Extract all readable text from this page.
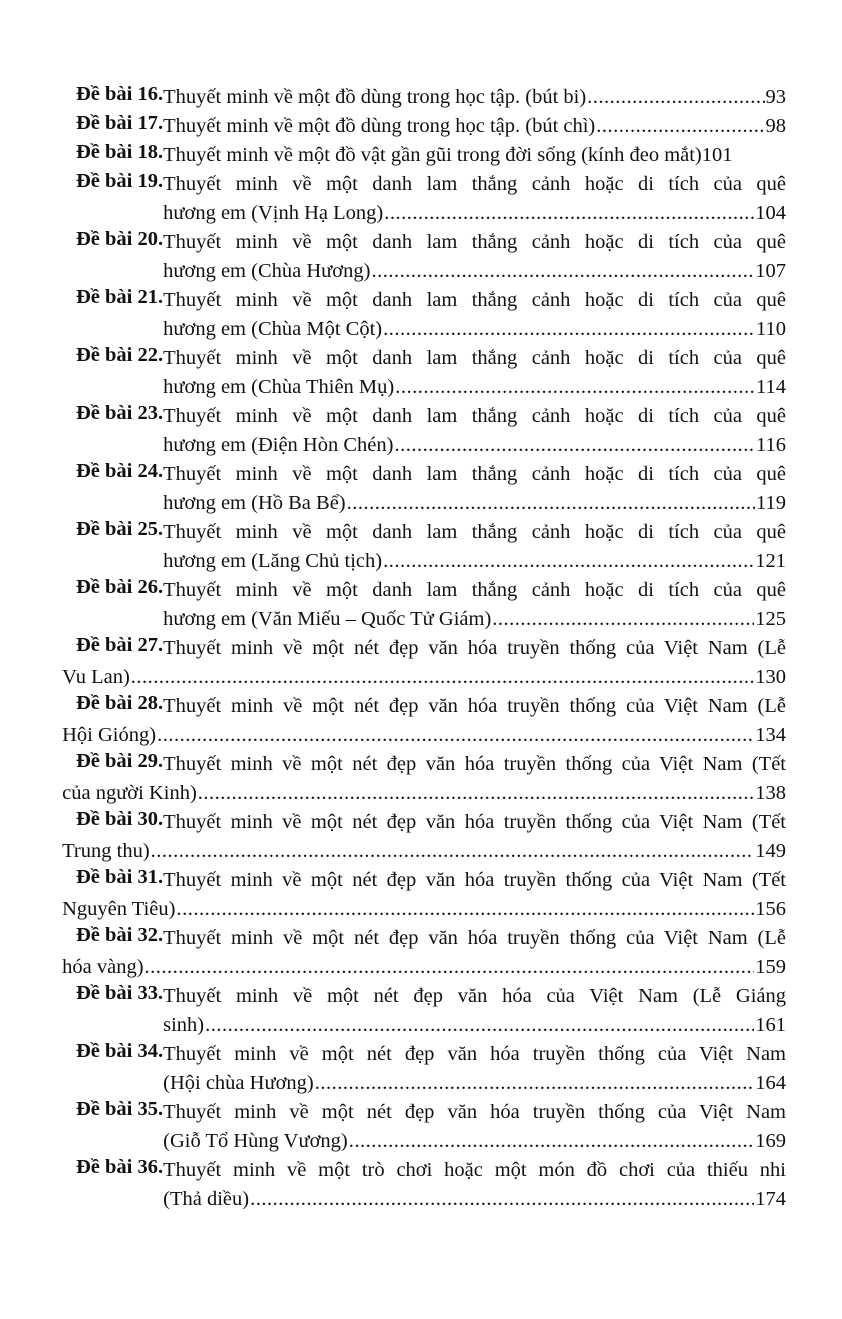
Đề bài 16. Thuyết minh về một đồ dùng trong học tập. (bút bi) .....	93
Đề bài 17. Thuyết minh về một đồ dùng trong học tập. (bút chì) .....	98
Đề bài 18. Thuyết minh về một đồ vật gần gũi trong đời sống (kính đeo mắt) 101
Đề bài 19. Thuyết minh về một danh lam thắng cảnh hoặc di tích của quê
hương em (Vịnh Hạ Long) .....	104
Đề bài 20. Thuyết minh về một danh lam thắng cảnh hoặc di tích của quê
hương em (Chùa Hương) .....	107
Đề bài 21. Thuyết minh về một danh lam thắng cảnh hoặc di tích của quê
hương em (Chùa Một Cột) .....	110
Đề bài 22. Thuyết minh về một danh lam thắng cảnh hoặc di tích của quê
hương em (Chùa Thiên Mụ) .....	114
Đề bài 23. Thuyết minh về một danh lam thắng cảnh hoặc di tích của quê
hương em (Điện Hòn Chén) .....	116
Đề bài 24. Thuyết minh về một danh lam thắng cảnh hoặc di tích của quê
hương em (Hồ Ba Bể) .....	119
Đề bài 25. Thuyết minh về một danh lam thắng cảnh hoặc di tích của quê
hương em (Lăng Chủ tịch) .....	121
Đề bài 26. Thuyết minh về một danh lam thắng cảnh hoặc di tích của quê
hương em (Văn Miếu – Quốc Tử Giám) .....	125
Đề bài 27. Thuyết minh về một nét đẹp văn hóa truyền thống của Việt Nam (Lễ
Vu Lan) .....	130
Đề bài 28. Thuyết minh về một nét đẹp văn hóa truyền thống của Việt Nam (Lễ
Hội Gióng) .....	134
Đề bài 29. Thuyết minh về một nét đẹp văn hóa truyền thống của Việt Nam (Tết
của người Kinh) .....	138
Đề bài 30. Thuyết minh về một nét đẹp văn hóa truyền thống của Việt Nam (Tết
Trung thu) .....	149
Đề bài 31. Thuyết minh về một nét đẹp văn hóa truyền thống của Việt Nam (Tết
Nguyên Tiêu) .....	156
Đề bài 32. Thuyết minh về một nét đẹp văn hóa truyền thống của Việt Nam (Lễ
hóa vàng) .....	159
Đề bài 33. Thuyết minh về một nét đẹp văn hóa của Việt Nam (Lễ Giáng
sinh) .....	161
Đề bài 34. Thuyết minh về một nét đẹp văn hóa truyền thống của Việt Nam
(Hội chùa Hương) .....	164
Đề bài 35. Thuyết minh về một nét đẹp văn hóa truyền thống của Việt Nam
(Giỗ Tổ Hùng Vương) .....	169
Đề bài 36. Thuyết minh về một trò chơi hoặc một món đồ chơi của thiếu nhi
(Thả diều) .....	174
